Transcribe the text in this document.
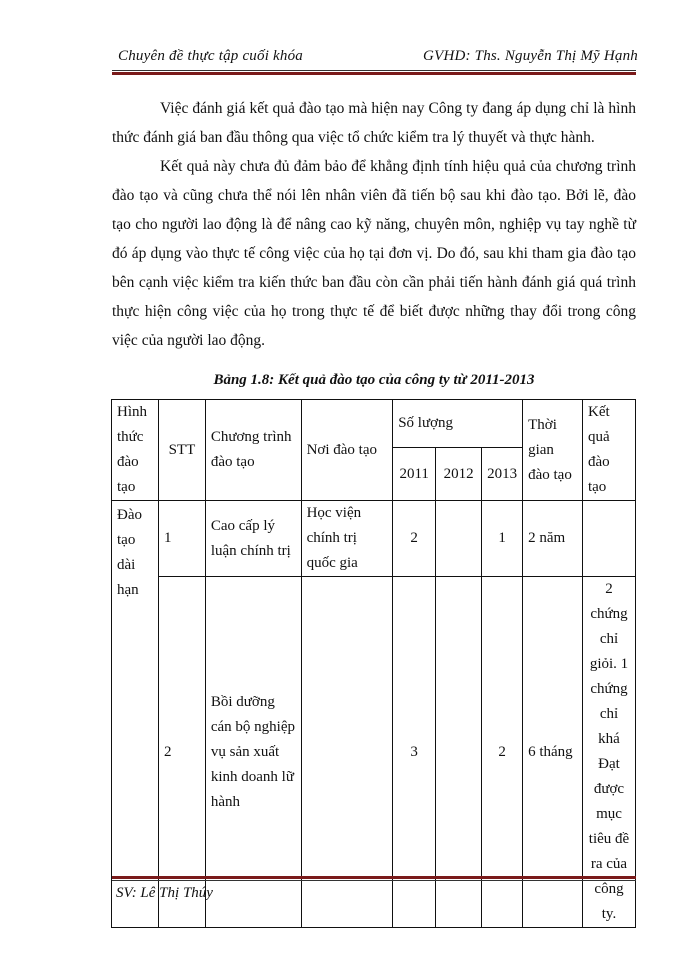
Chuyên đề thực tập cuối khóa	GVHD: Ths. Nguyễn Thị Mỹ Hạnh

Việc đánh giá kết quả đào tạo mà hiện nay Công ty đang áp dụng chỉ là hình thức đánh giá ban đầu thông qua việc tổ chức kiểm tra lý thuyết và thực hành.

Kết quả này chưa đủ đảm bảo để khẳng định tính hiệu quả của chương trình đào tạo và cũng chưa thể nói lên nhân viên đã tiến bộ sau khi đào tạo. Bởi lẽ, đào tạo cho người lao động là để nâng cao kỹ năng, chuyên môn, nghiệp vụ tay nghề từ đó áp dụng vào thực tế công việc của họ tại đơn vị. Do đó, sau khi tham gia đào tạo bên cạnh việc kiểm tra kiến thức ban đầu còn cần phải tiến hành đánh giá quá trình thực hiện công việc của họ trong thực tế để biết được những thay đổi trong công việc của người lao động.

Bảng 1.8: Kết quả đào tạo của công ty từ 2011-2013
Hình thức đào tạo	STT	Chương trình đào tạo	Nơi đào tạo	Số lượng			Thời gian đào tạo	Kết quả đào tạo
				2011	2012	2013		
Đào tạo dài hạn	1	Cao cấp lý luận chính trị	Học viện chính trị quốc gia	2		1	2 năm	
	2	Bồi dưỡng cán bộ nghiệp vụ sản xuất kinh doanh lữ hành		3		2	6 tháng	2 chứng chỉ giỏi. 1 chứng chỉ khá Đạt được mục tiêu đề ra của công ty.
SV: Lê Thị Thúy
